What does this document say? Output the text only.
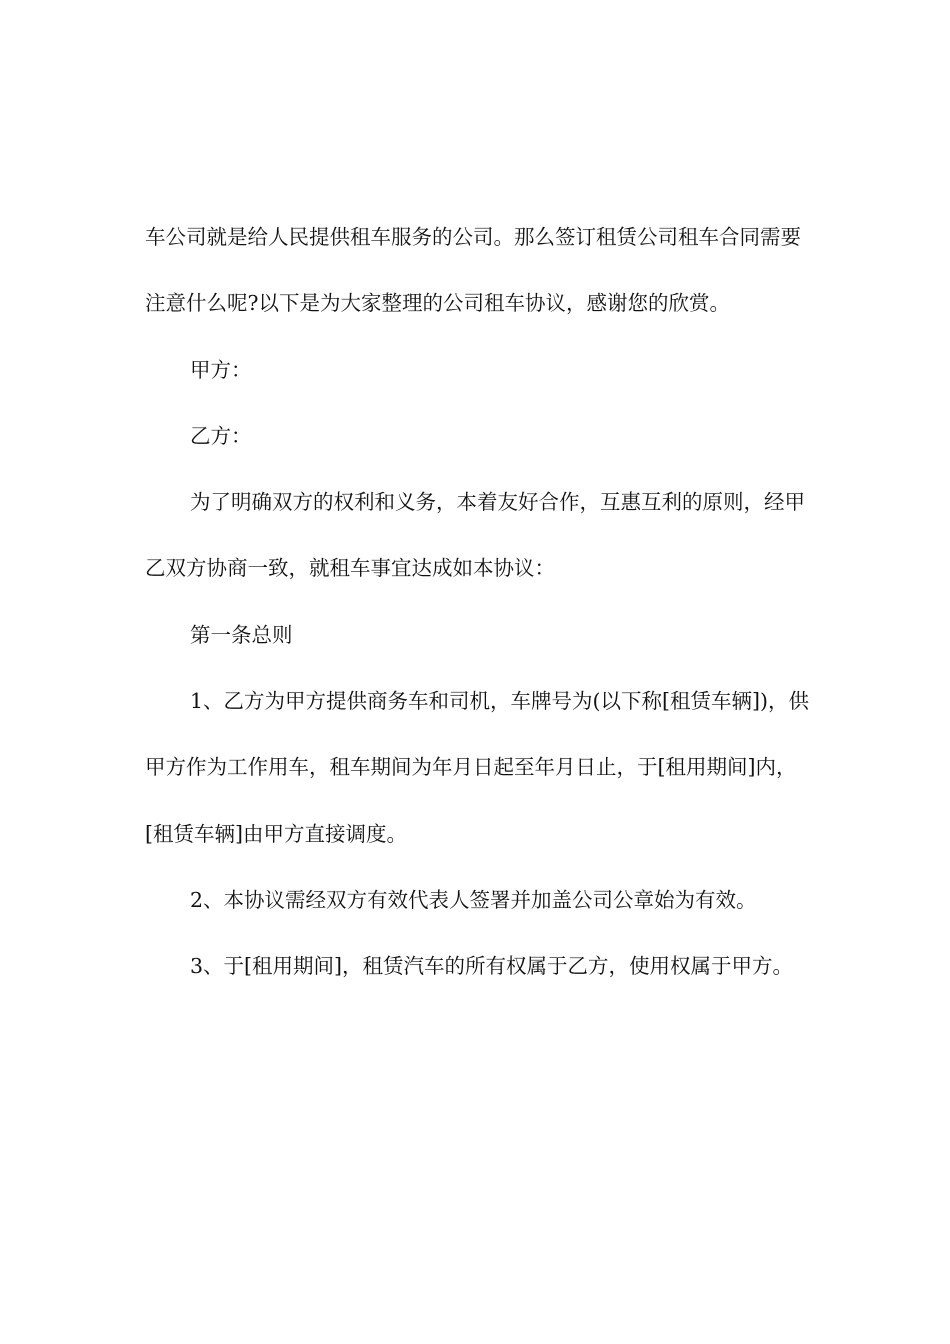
车公司就是给人民提供租车服务的公司。那么签订租赁公司租车合同需要注意什么呢?以下是为大家整理的公司租车协议，感谢您的欣赏。

甲方：

乙方：

为了明确双方的权利和义务，本着友好合作，互惠互利的原则，经甲乙双方协商一致，就租车事宜达成如本协议：

第一条总则

1、乙方为甲方提供商务车和司机，车牌号为(以下称[租赁车辆])，供甲方作为工作用车，租车期间为年月日起至年月日止，于[租用期间]内，[租赁车辆]由甲方直接调度。

2、本协议需经双方有效代表人签署并加盖公司公章始为有效。

3、于[租用期间]，租赁汽车的所有权属于乙方，使用权属于甲方。
